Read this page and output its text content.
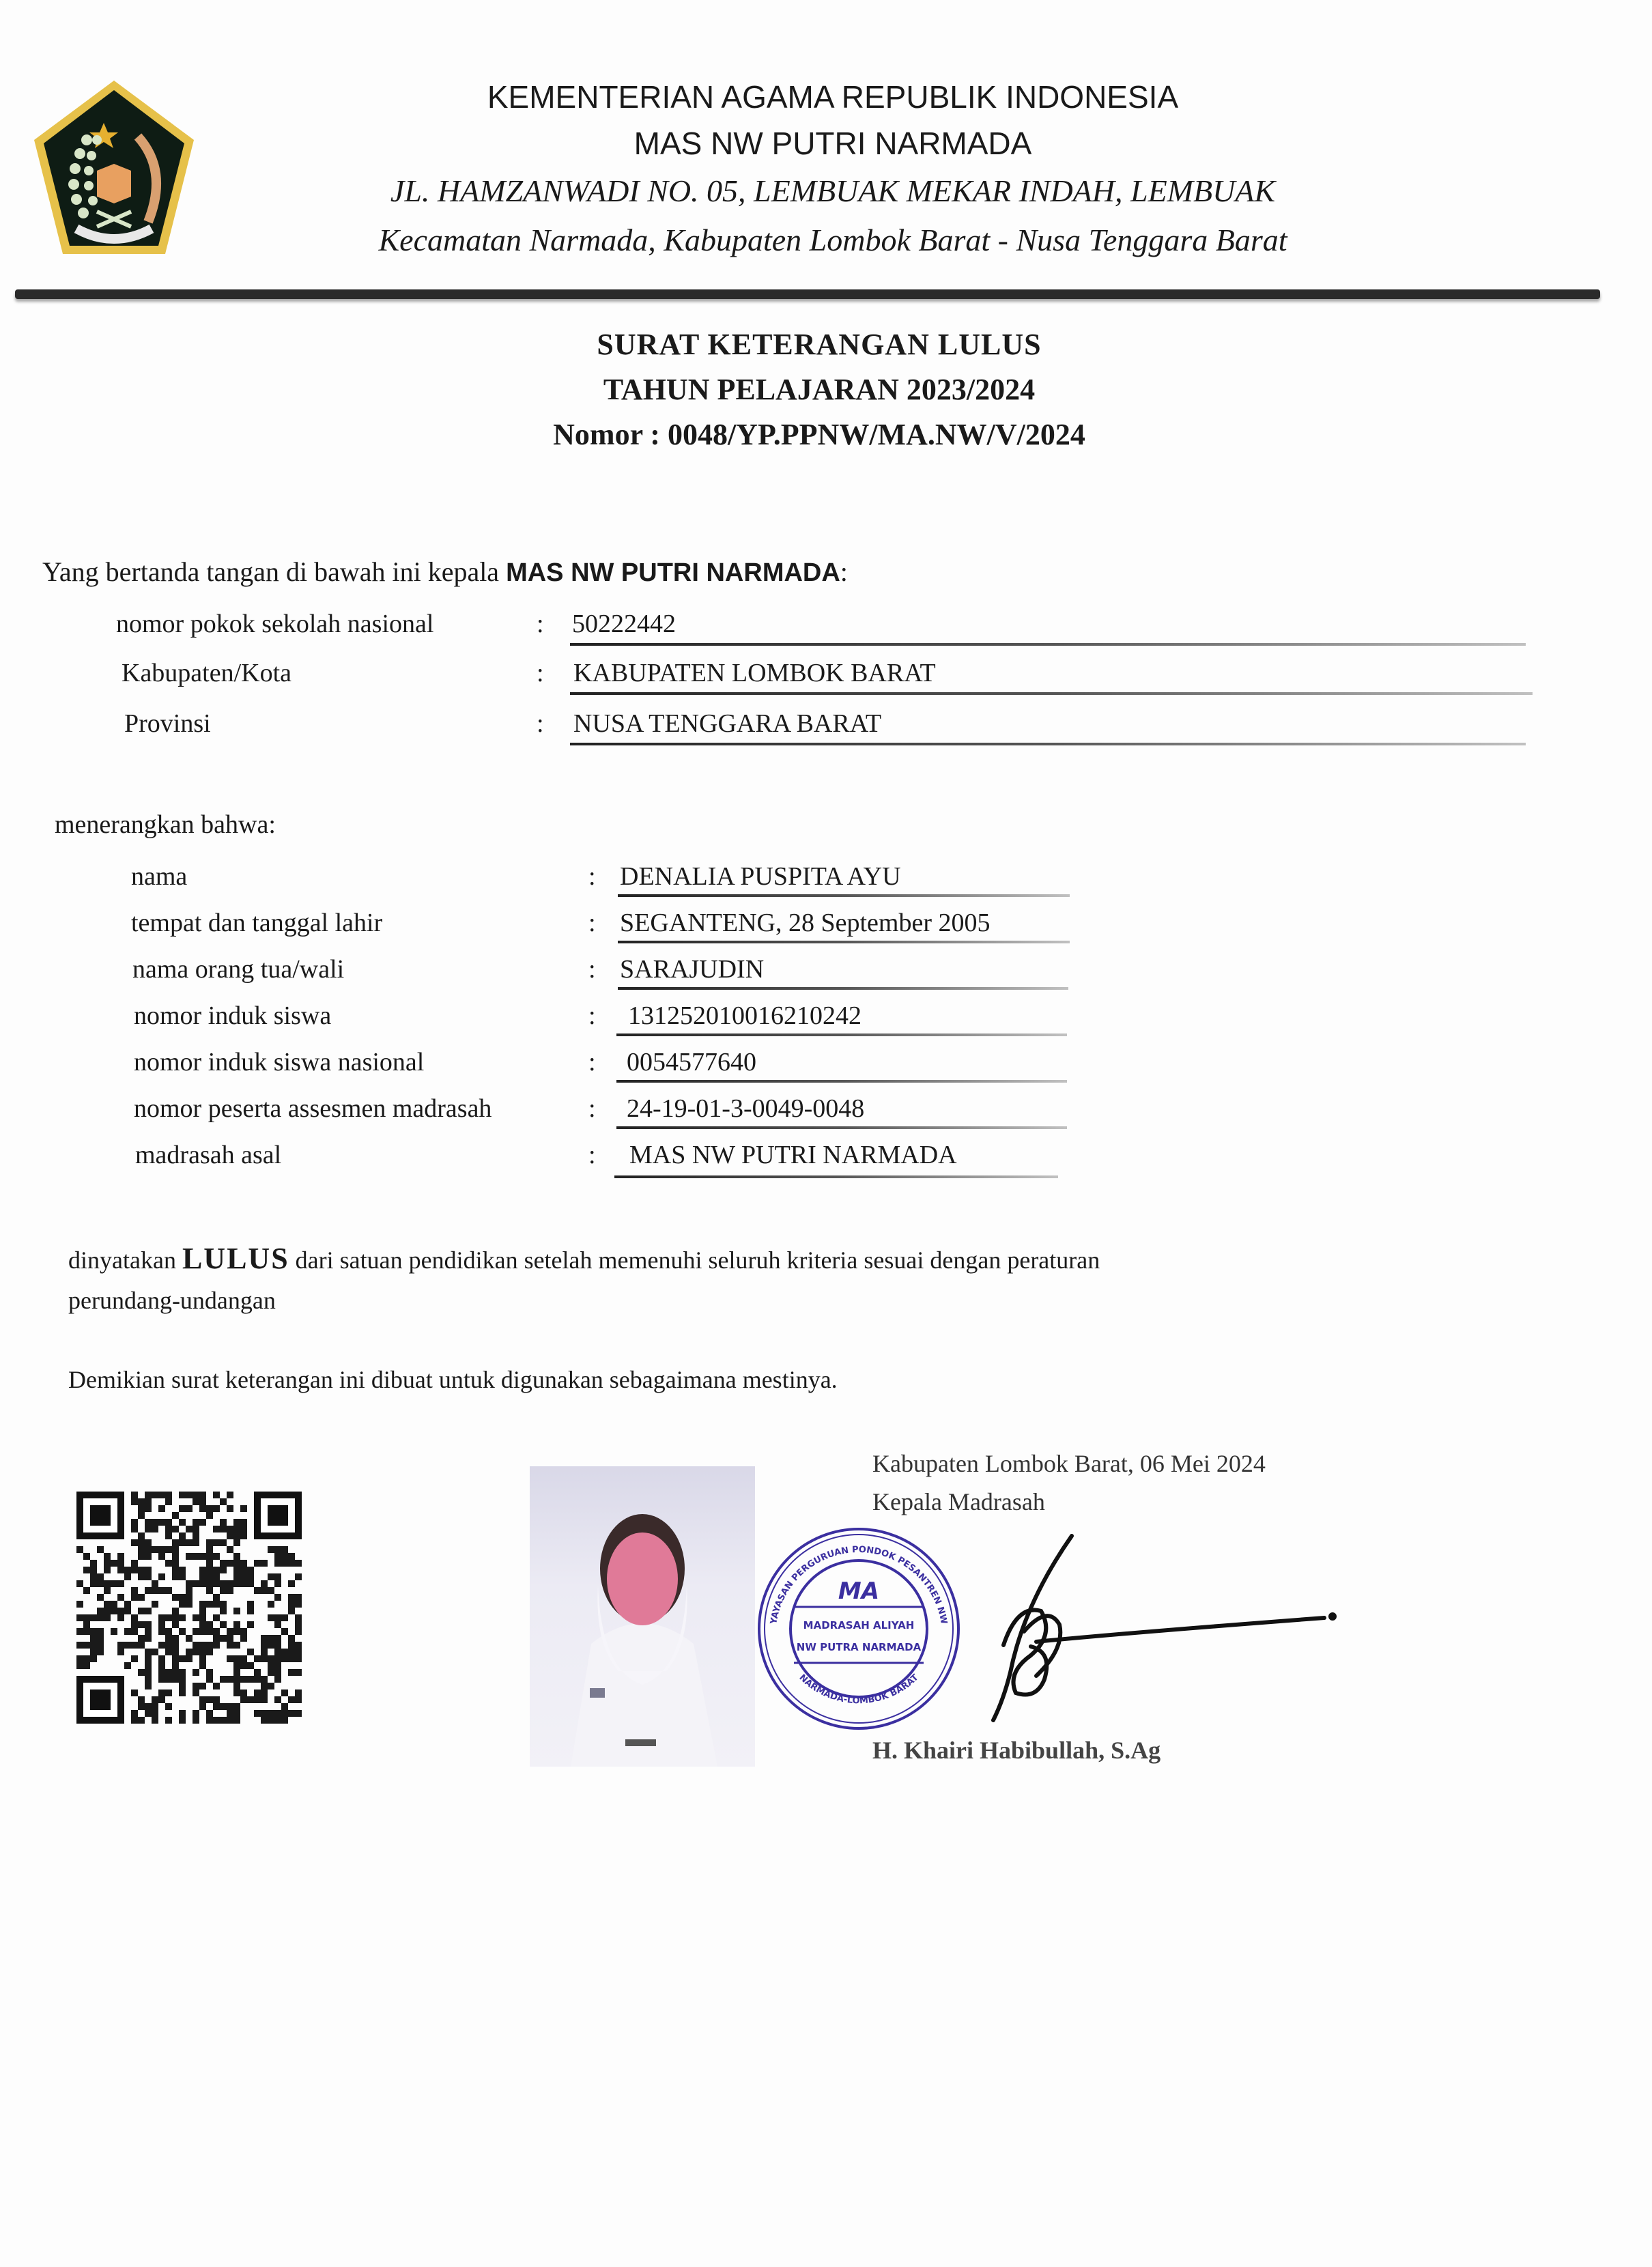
KEMENTERIAN AGAMA REPUBLIK INDONESIA
MAS NW PUTRI NARMADA
JL. HAMZANWADI NO. 05, LEMBUAK MEKAR INDAH, LEMBUAK
Kecamatan Narmada, Kabupaten Lombok Barat - Nusa Tenggara Barat
SURAT KETERANGAN LULUS
TAHUN PELAJARAN 2023/2024
Nomor : 0048/YP.PPNW/MA.NW/V/2024
Yang bertanda tangan di bawah ini kepala MAS NW PUTRI NARMADA:
nomor pokok sekolah nasional	: 50222442
Kabupaten/Kota	: KABUPATEN LOMBOK BARAT
Provinsi	: NUSA TENGGARA BARAT
menerangkan bahwa:
nama	: DENALIA PUSPITA AYU
tempat dan tanggal lahir	: SEGANTENG, 28 September 2005
nama orang tua/wali	: SARAJUDIN
nomor induk siswa	: 131252010016210242
nomor induk siswa nasional	: 0054577640
nomor peserta assesmen madrasah	: 24-19-01-3-0049-0048
madrasah asal	: MAS NW PUTRI NARMADA
dinyatakan LULUS dari satuan pendidikan setelah memenuhi seluruh kriteria sesuai dengan peraturan
perundang-undangan
Demikian surat keterangan ini dibuat untuk digunakan sebagaimana mestinya.
Kabupaten Lombok Barat, 06 Mei 2024
Kepala Madrasah
H. Khairi Habibullah, S.Ag
YAYASAN PERGURUAN PONDOK PESANTREN NW
NARMADA-LOMBOK BARAT
MA
MADRASAH ALIYAH
NW PUTRA NARMADA
